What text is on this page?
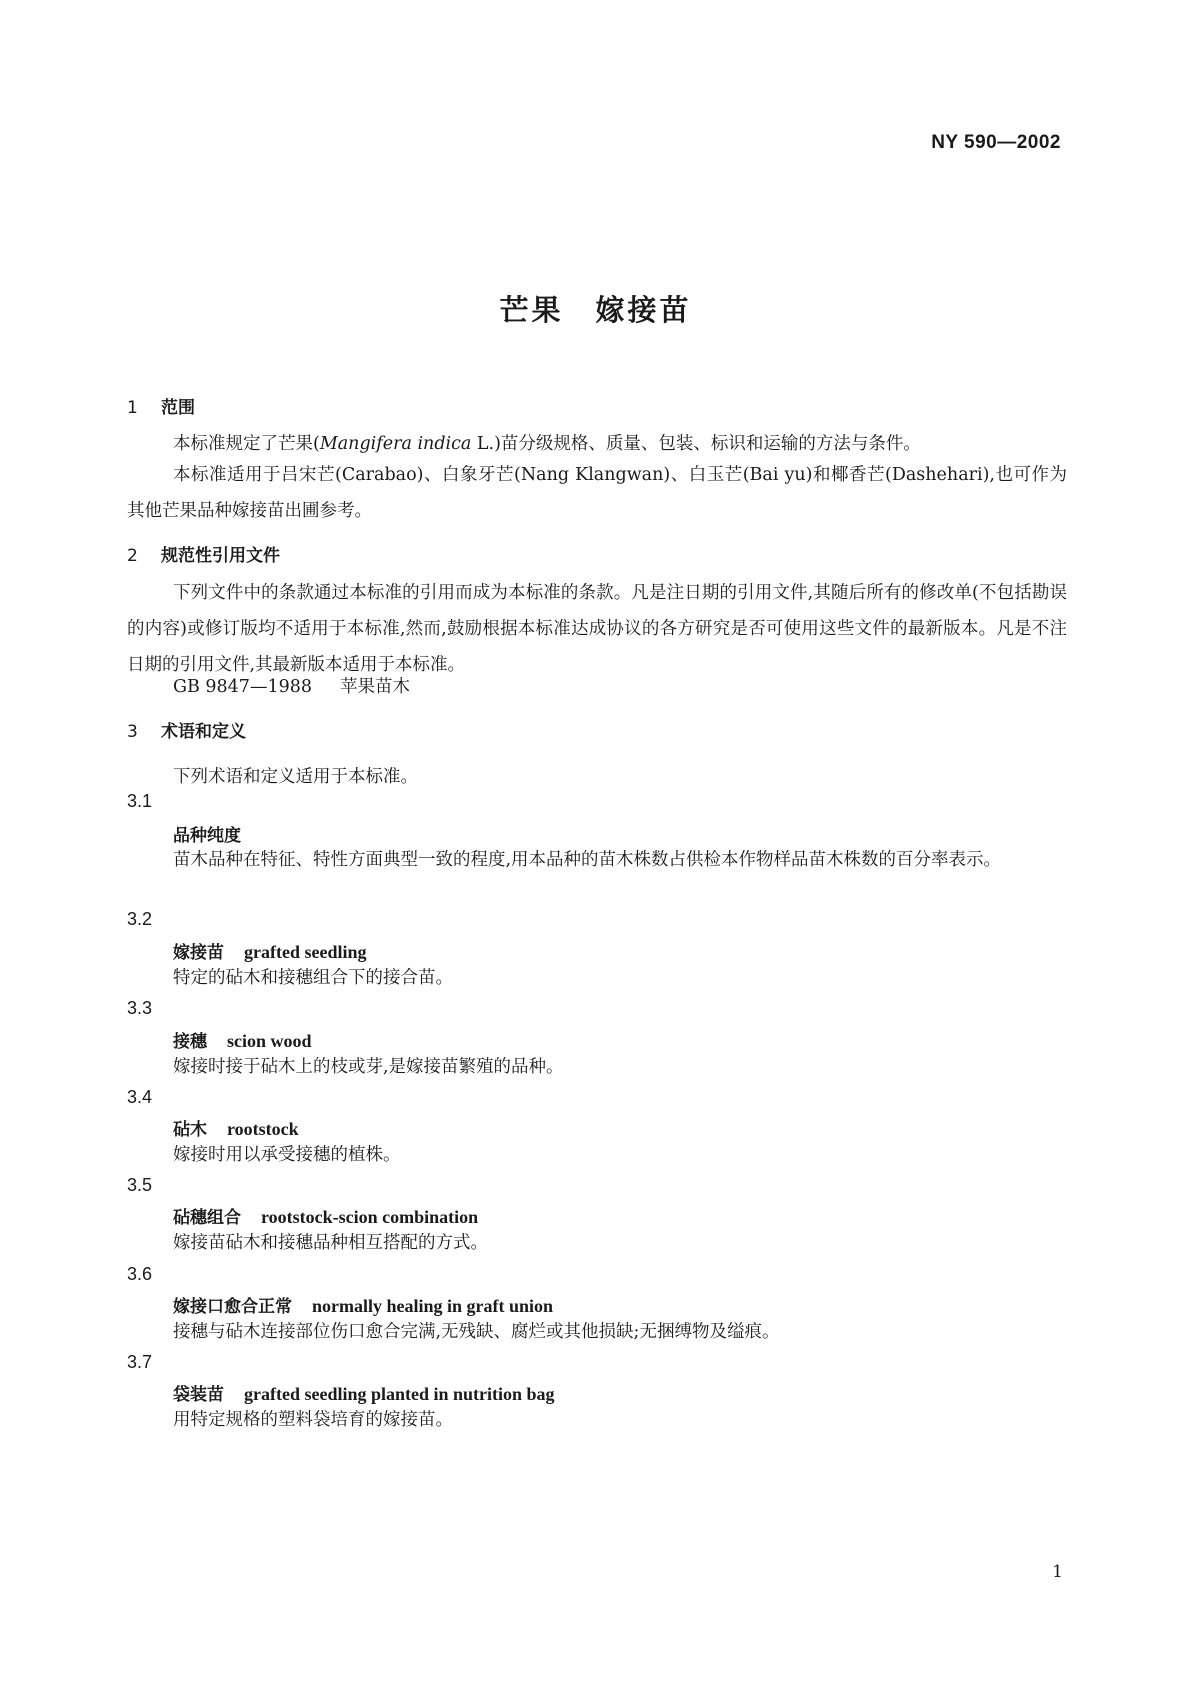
NY 590—2002
芒果　嫁接苗
1 范围
本标准规定了芒果(Mangifera indica L.)苗分级规格、质量、包装、标识和运输的方法与条件。
本标准适用于吕宋芒(Carabao)、白象牙芒(Nang Klangwan)、白玉芒(Bai yu)和椰香芒(Dashehari),也可作为其他芒果品种嫁接苗出圃参考。
2 规范性引用文件
下列文件中的条款通过本标准的引用而成为本标准的条款。凡是注日期的引用文件,其随后所有的修改单(不包括勘误的内容)或修订版均不适用于本标准,然而,鼓励根据本标准达成协议的各方研究是否可使用这些文件的最新版本。凡是不注日期的引用文件,其最新版本适用于本标准。
GB 9847—1988 苹果苗木
3 术语和定义
下列术语和定义适用于本标准。
3.1
品种纯度
苗木品种在特征、特性方面典型一致的程度,用本品种的苗木株数占供检本作物样品苗木株数的百分率表示。
3.2
嫁接苗 grafted seedling
特定的砧木和接穗组合下的接合苗。
3.3
接穗 scion wood
嫁接时接于砧木上的枝或芽,是嫁接苗繁殖的品种。
3.4
砧木 rootstock
嫁接时用以承受接穗的植株。
3.5
砧穗组合 rootstock-scion combination
嫁接苗砧木和接穗品种相互搭配的方式。
3.6
嫁接口愈合正常 normally healing in graft union
接穗与砧木连接部位伤口愈合完满,无残缺、腐烂或其他损缺;无捆缚物及缢痕。
3.7
袋装苗 grafted seedling planted in nutrition bag
用特定规格的塑料袋培育的嫁接苗。
1
